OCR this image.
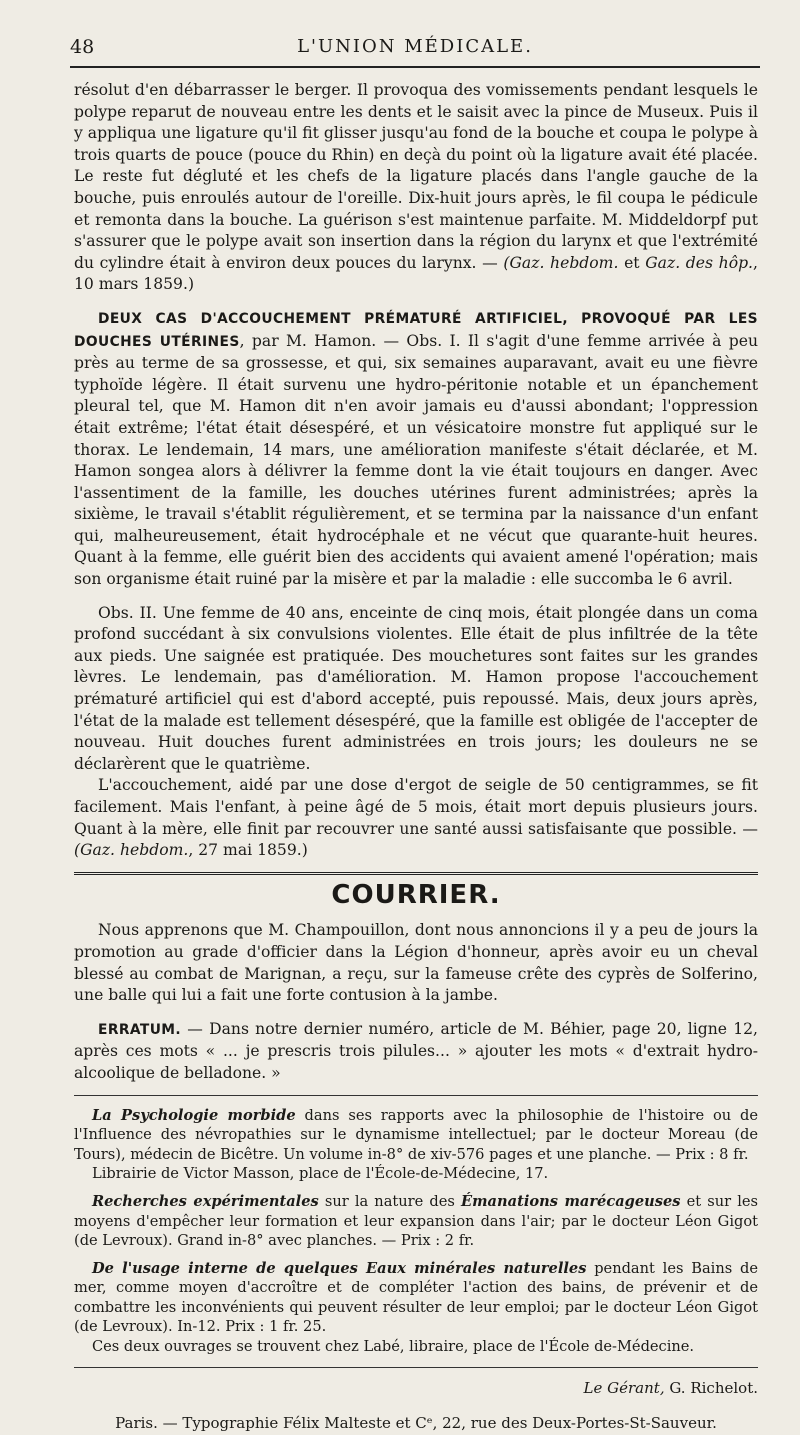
48	L'UNION MÉDICALE.

résolut d'en débarrasser le berger. Il provoqua des vomissements pendant lesquels le polype reparut de nouveau entre les dents et le saisit avec la pince de Museux. Puis il y appliqua une ligature qu'il fit glisser jusqu'au fond de la bouche et coupa le polype à trois quarts de pouce (pouce du Rhin) en deçà du point où la ligature avait été placée. Le reste fut dégluté et les chefs de la ligature placés dans l'angle gauche de la bouche, puis enroulés autour de l'oreille. Dix-huit jours après, le fil coupa le pédicule et remonta dans la bouche. La guérison s'est maintenue parfaite. M. Middeldorpf put s'assurer que le polype avait son insertion dans la région du larynx et que l'extrémité du cylindre était à environ deux pouces du larynx. — (Gaz. hebdom. et Gaz. des hôp., 10 mars 1859.)

DEUX CAS D'ACCOUCHEMENT PRÉMATURÉ ARTIFICIEL, PROVOQUÉ PAR LES DOUCHES UTÉRINES, par M. Hamon. — Obs. I. Il s'agit d'une femme arrivée à peu près au terme de sa grossesse, et qui, six semaines auparavant, avait eu une fièvre typhoïde légère. Il était survenu une hydro-péritonie notable et un épanchement pleural tel, que M. Hamon dit n'en avoir jamais eu d'aussi abondant; l'oppression était extrême; l'état était désespéré, et un vésicatoire monstre fut appliqué sur le thorax. Le lendemain, 14 mars, une amélioration manifeste s'était déclarée, et M. Hamon songea alors à délivrer la femme dont la vie était toujours en danger. Avec l'assentiment de la famille, les douches utérines furent administrées; après la sixième, le travail s'établit régulièrement, et se termina par la naissance d'un enfant qui, malheureusement, était hydrocéphale et ne vécut que quarante-huit heures. Quant à la femme, elle guérit bien des accidents qui avaient amené l'opération; mais son organisme était ruiné par la misère et par la maladie : elle succomba le 6 avril.

Obs. II. Une femme de 40 ans, enceinte de cinq mois, était plongée dans un coma profond succédant à six convulsions violentes. Elle était de plus infiltrée de la tête aux pieds. Une saignée est pratiquée. Des mouchetures sont faites sur les grandes lèvres. Le lendemain, pas d'amélioration. M. Hamon propose l'accouchement prématuré artificiel qui est d'abord accepté, puis repoussé. Mais, deux jours après, l'état de la malade est tellement désespéré, que la famille est obligée de l'accepter de nouveau. Huit douches furent administrées en trois jours; les douleurs ne se déclarèrent que le quatrième.

L'accouchement, aidé par une dose d'ergot de seigle de 50 centigrammes, se fit facilement. Mais l'enfant, à peine âgé de 5 mois, était mort depuis plusieurs jours. Quant à la mère, elle finit par recouvrer une santé aussi satisfaisante que possible. — (Gaz. hebdom., 27 mai 1859.)

COURRIER.

Nous apprenons que M. Champouillon, dont nous annoncions il y a peu de jours la promotion au grade d'officier dans la Légion d'honneur, après avoir eu un cheval blessé au combat de Marignan, a reçu, sur la fameuse crête des cyprès de Solferino, une balle qui lui a fait une forte contusion à la jambe.

ERRATUM. — Dans notre dernier numéro, article de M. Béhier, page 20, ligne 12, après ces mots « ... je prescris trois pilules... » ajouter les mots « d'extrait hydro-alcoolique de belladone. »

La Psychologie morbide dans ses rapports avec la philosophie de l'histoire ou de l'Influence des névropathies sur le dynamisme intellectuel; par le docteur Moreau (de Tours), médecin de Bicêtre. Un volume in-8° de xiv-576 pages et une planche. — Prix : 8 fr.

Librairie de Victor Masson, place de l'École-de-Médecine, 17.

Recherches expérimentales sur la nature des Émanations marécageuses et sur les moyens d'empêcher leur formation et leur expansion dans l'air; par le docteur Léon Gigot (de Levroux). Grand in-8° avec planches. — Prix : 2 fr.

De l'usage interne de quelques Eaux minérales naturelles pendant les Bains de mer, comme moyen d'accroître et de compléter l'action des bains, de prévenir et de combattre les inconvénients qui peuvent résulter de leur emploi; par le docteur Léon Gigot (de Levroux). In-12. Prix : 1 fr. 25.

Ces deux ouvrages se trouvent chez Labé, libraire, place de l'École de-Médecine.

Le Gérant, G. Richelot.
Paris. — Typographie Félix Malteste et Cᵉ, 22, rue des Deux-Portes-St-Sauveur.
